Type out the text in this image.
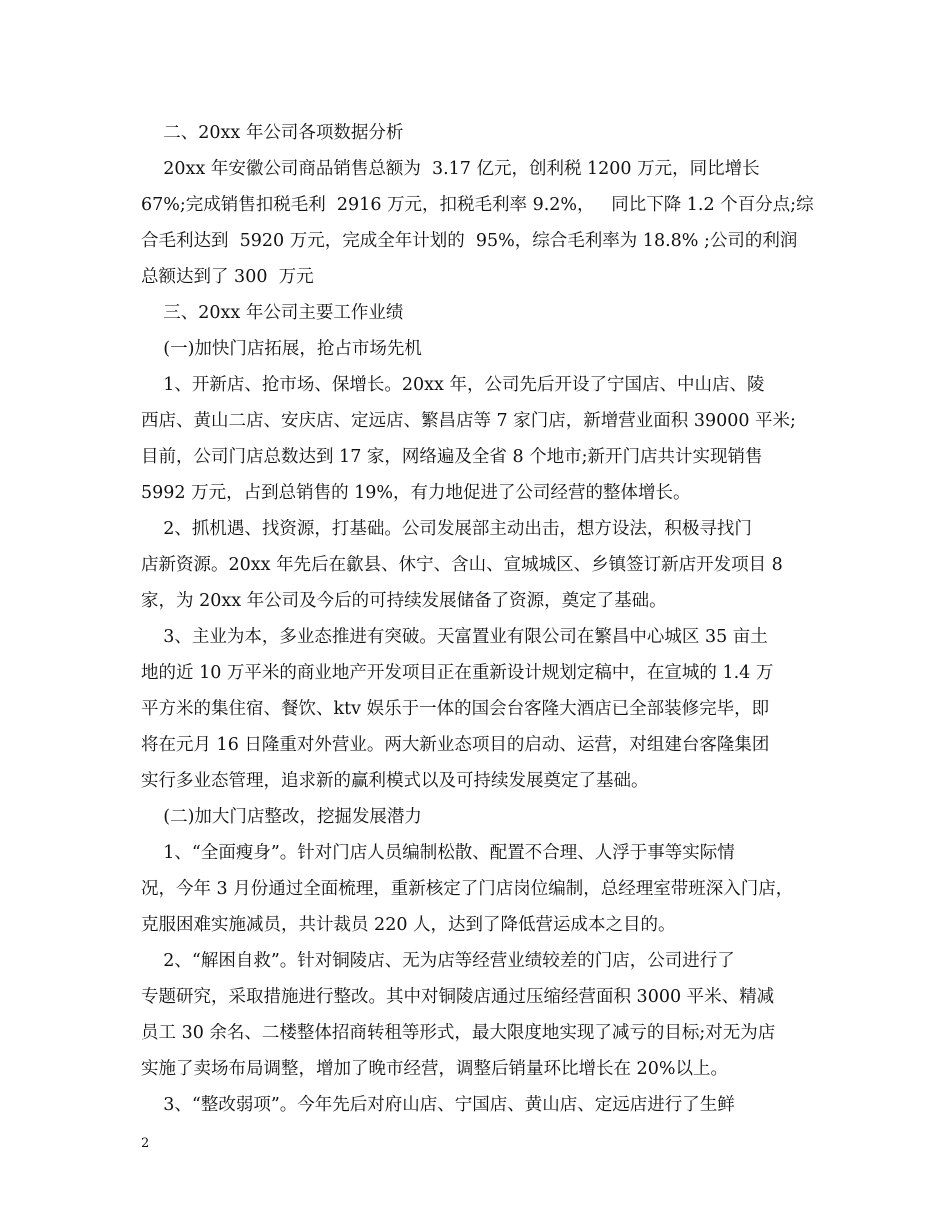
二、20xx 年公司各项数据分析
20xx 年安徽公司商品销售总额为  3.17 亿元，创利税 1200 万元，同比增长
67%;完成销售扣税毛利  2916 万元，扣税毛利率 9.2%，   同比下降 1.2 个百分点;综
合毛利达到  5920 万元，完成全年计划的  95%，综合毛利率为 18.8% ;公司的利润
总额达到了 300  万元
三、20xx 年公司主要工作业绩
(一)加快门店拓展，抢占市场先机
1、开新店、抢市场、保增长。20xx 年，公司先后开设了宁国店、中山店、陵
西店、黄山二店、安庆店、定远店、繁昌店等 7 家门店，新增营业面积 39000 平米;
目前，公司门店总数达到 17 家，网络遍及全省 8 个地市;新开门店共计实现销售
5992 万元，占到总销售的 19%，有力地促进了公司经营的整体增长。
2、抓机遇、找资源，打基础。公司发展部主动出击，想方设法，积极寻找门
店新资源。20xx 年先后在歙县、休宁、含山、宣城城区、乡镇签订新店开发项目 8
家，为 20xx 年公司及今后的可持续发展储备了资源，奠定了基础。
3、主业为本，多业态推进有突破。天富置业有限公司在繁昌中心城区 35 亩土
地的近 10 万平米的商业地产开发项目正在重新设计规划定稿中，在宣城的 1.4 万
平方米的集住宿、餐饮、ktv 娱乐于一体的国会台客隆大酒店已全部装修完毕，即
将在元月 16 日隆重对外营业。两大新业态项目的启动、运营，对组建台客隆集团
实行多业态管理，追求新的赢利模式以及可持续发展奠定了基础。
(二)加大门店整改，挖掘发展潜力
1、“全面瘦身”。针对门店人员编制松散、配置不合理、人浮于事等实际情
况，今年 3 月份通过全面梳理，重新核定了门店岗位编制，总经理室带班深入门店，
克服困难实施减员，共计裁员 220 人，达到了降低营运成本之目的。
2、“解困自救”。针对铜陵店、无为店等经营业绩较差的门店，公司进行了
专题研究，采取措施进行整改。其中对铜陵店通过压缩经营面积 3000 平米、精减
员工 30 余名、二楼整体招商转租等形式，最大限度地实现了减亏的目标;对无为店
实施了卖场布局调整，增加了晚市经营，调整后销量环比增长在 20%以上。
3、“整改弱项”。今年先后对府山店、宁国店、黄山店、定远店进行了生鲜
2
